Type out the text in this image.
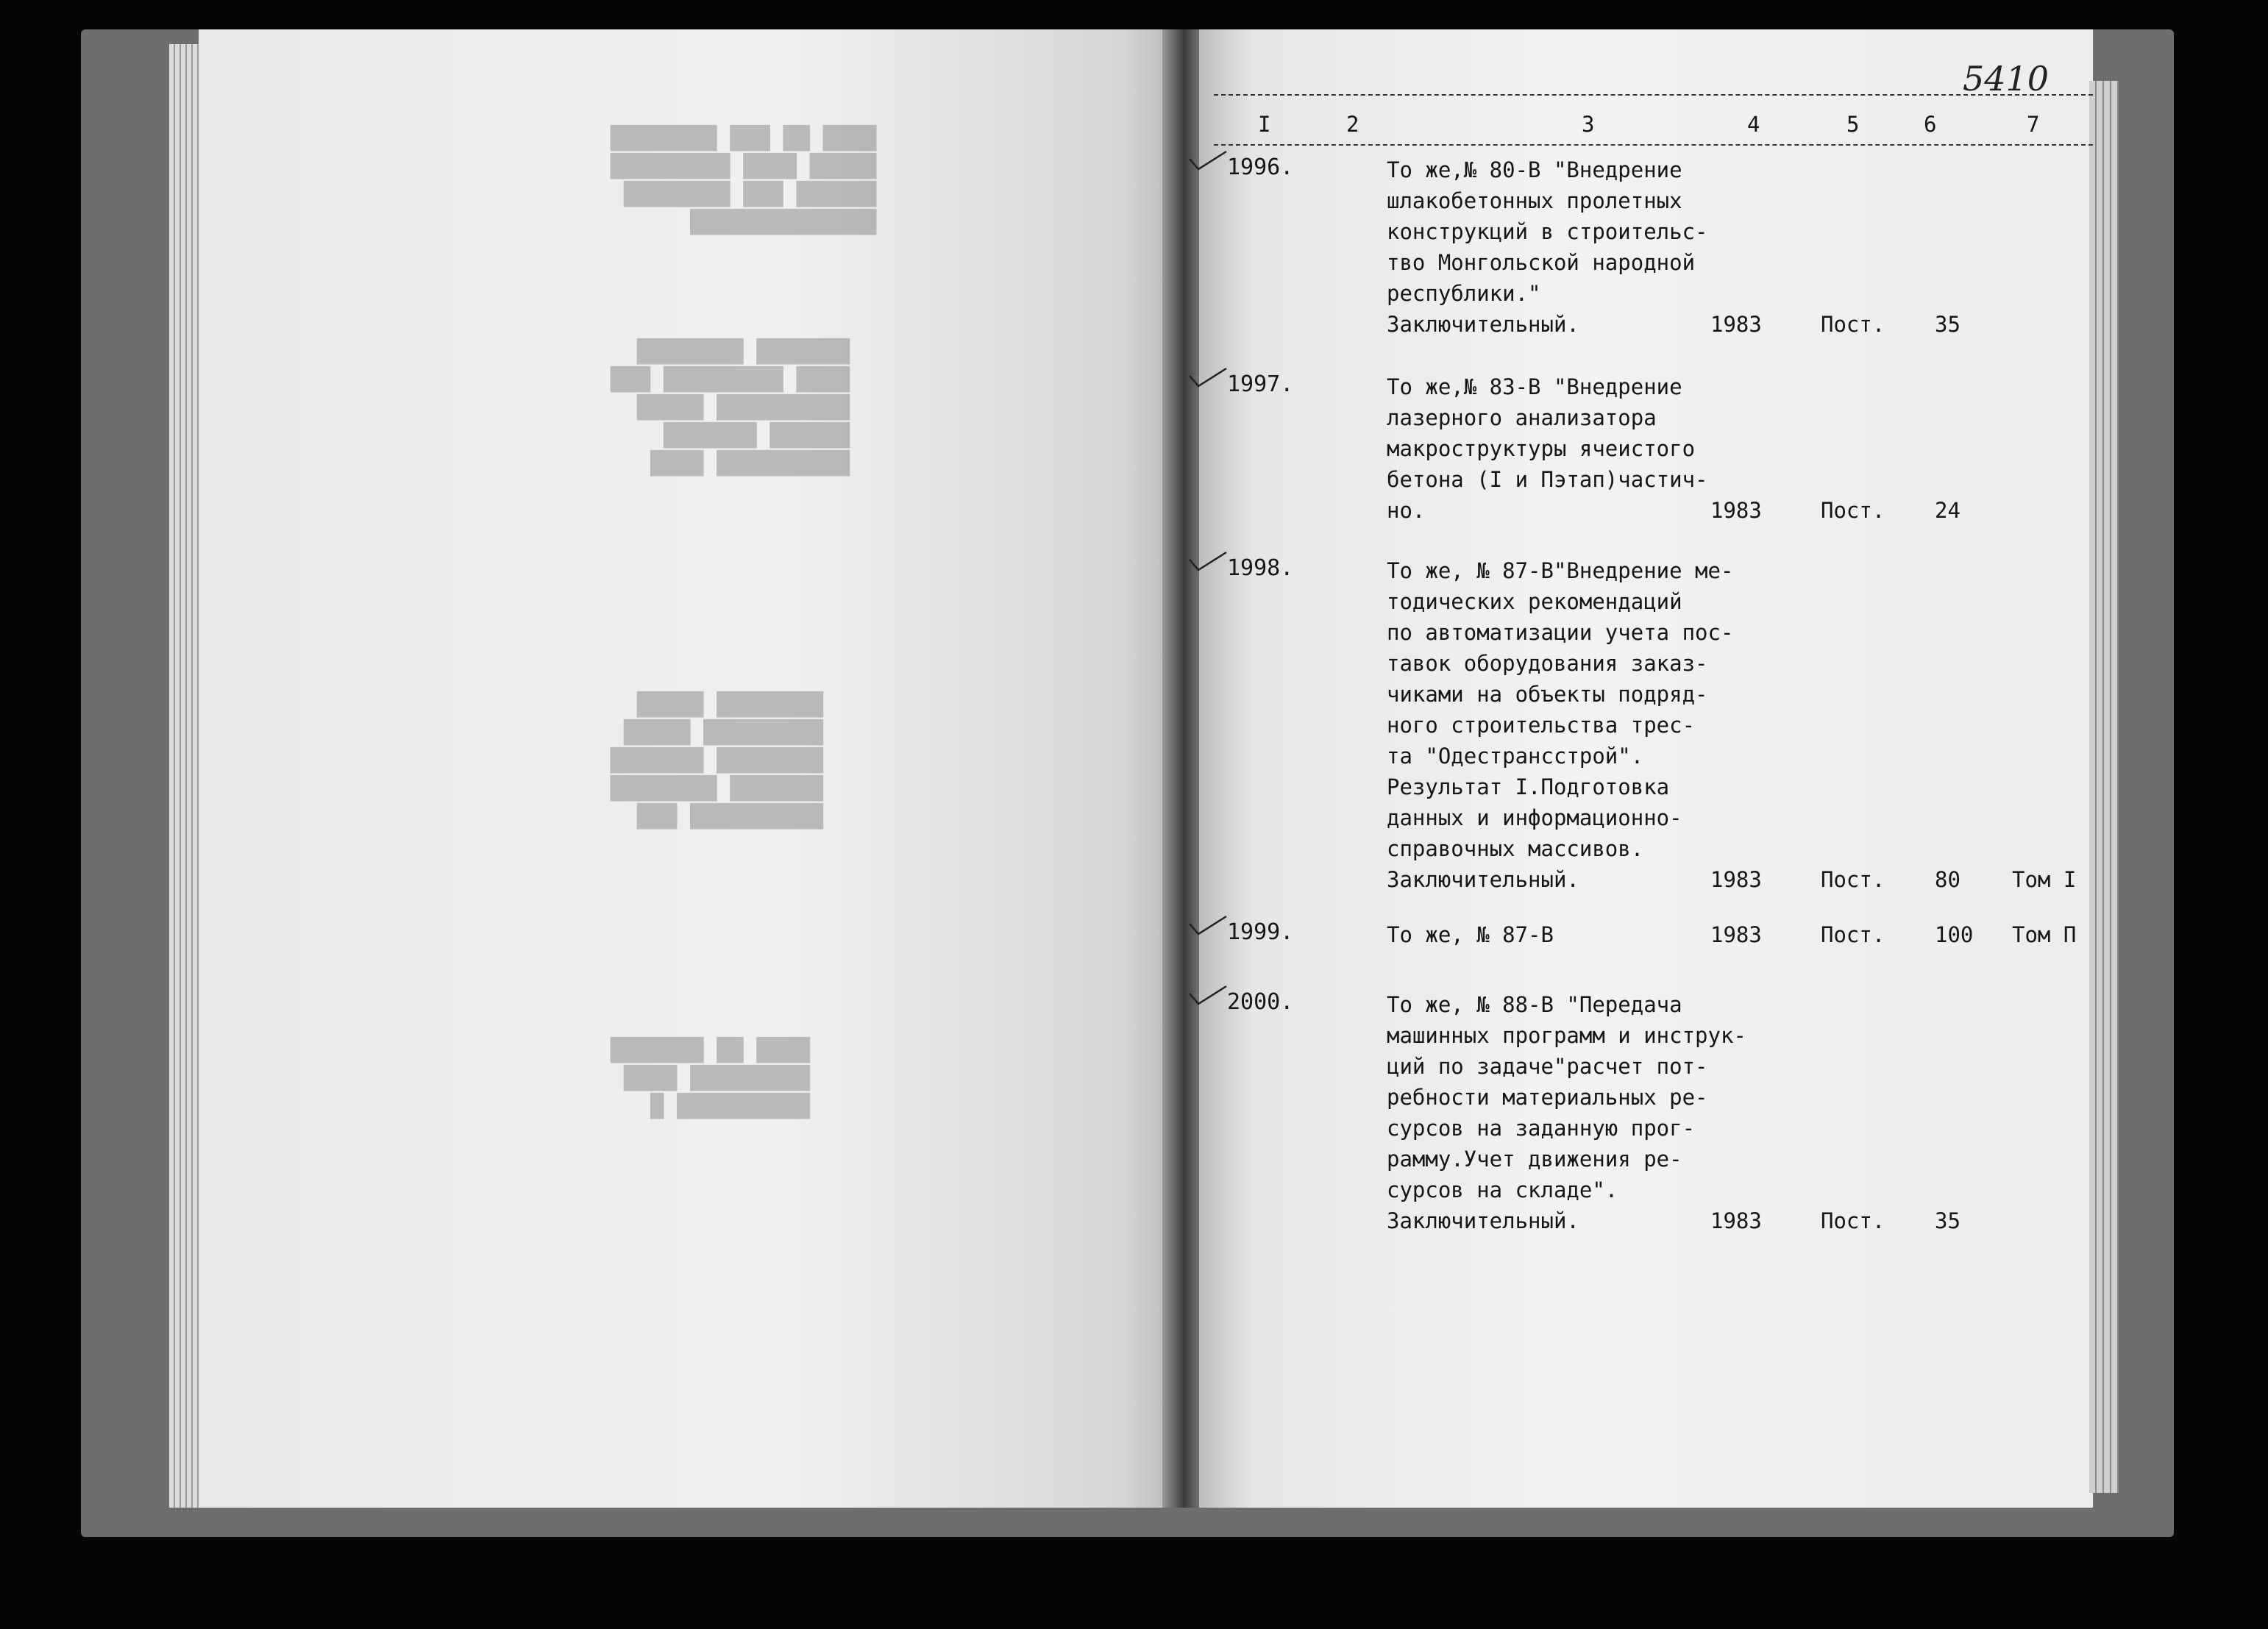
████ ██ ███ ████████
█████ ████ █████████
██████ ███ ████████
██████████████
███████ ████████
████ █████████ ███
██████████ █████
██████ ███████
██████████ ████
████████ █████
█████████ █████
████████ ███████
███████ ████████
██████████ ███
████ ██ ███████
█████████ ████
██████████ █
5410
I	2	3	4	5	6	7
1996.	То же,№ 80-В "Внедрение
шлакобетонных пролетных
конструкций в строительс-
тво Монгольской народной
республики."
Заключительный.	1983	Пост. 35
1997.	То же,№ 83-В "Внедрение
лазерного анализатора
макроструктуры ячеистого
бетона (I и Пэтап)частич-
но.	1983	Пост. 24
1998.	То же, № 87-В"Внедрение ме-
тодических рекомендаций
по автоматизации учета пос-
тавок оборудования заказ-
чиками на объекты подряд-
ного строительства трес-
та "Одестрансстрой".
Результат I.Подготовка
данных и информационно-
справочных массивов.
Заключительный.	1983	Пост. 80 Том I
1999.	То же, № 87-В	1983	Пост. 100 Том П
2000.	То же, № 88-В "Передача
машинных программ и инструк-
ций по задаче"расчет пот-
ребности материальных ре-
сурсов на заданную прог-
рамму.Учет движения ре-
сурсов на складе".
Заключительный.	1983	Пост. 35
